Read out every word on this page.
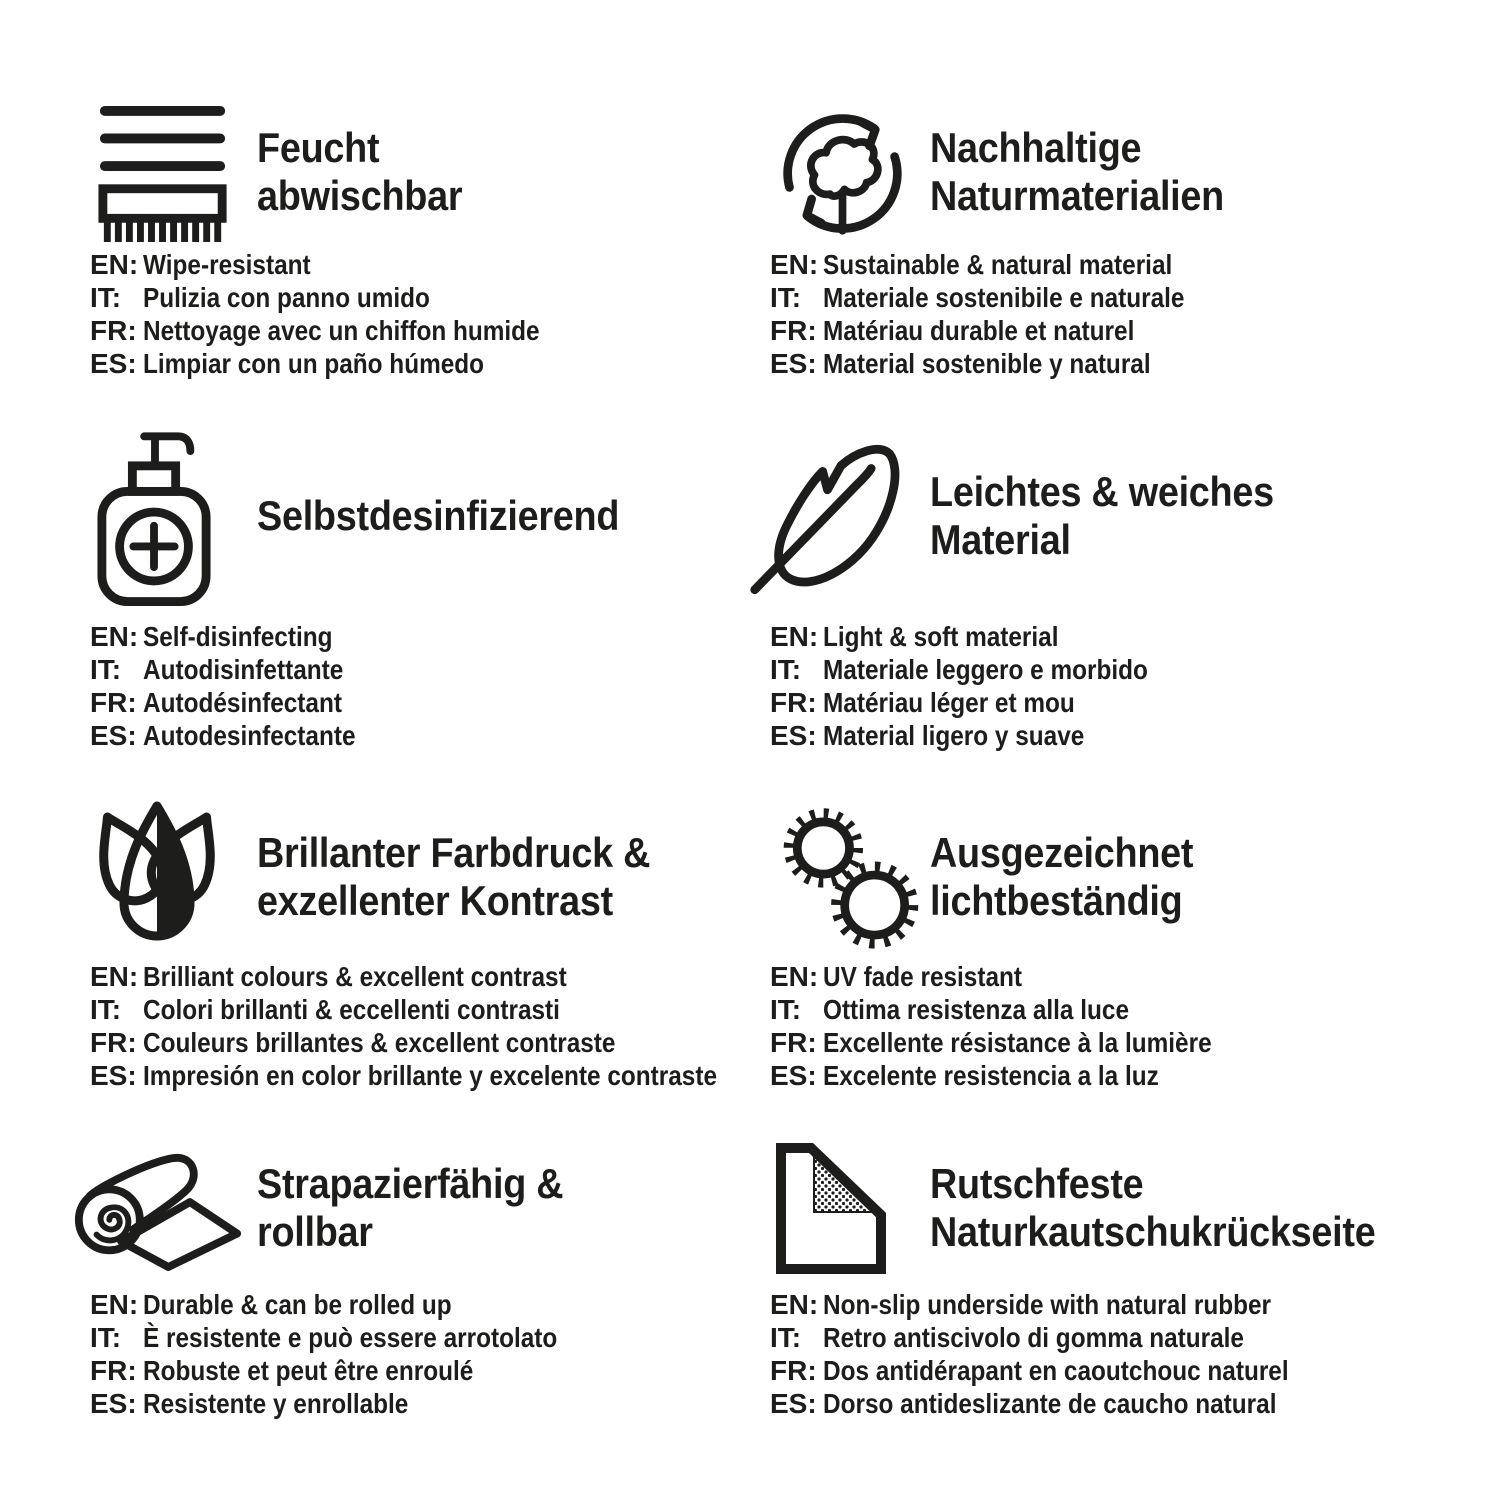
Feucht
abwischbar
EN: Wipe-resistant
IT: Pulizia con panno umido
FR: Nettoyage avec un chiffon humide
ES: Limpiar con un paño húmedo
Nachhaltige
Naturmaterialien
EN: Sustainable & natural material
IT: Materiale sostenibile e naturale
FR: Matériau durable et naturel
ES: Material sostenible y natural
Selbstdesinfizierend
EN: Self-disinfecting
IT: Autodisinfettante
FR: Autodésinfectant
ES: Autodesinfectante
Leichtes & weiches
Material
EN: Light & soft material
IT: Materiale leggero e morbido
FR: Matériau léger et mou
ES: Material ligero y suave
Brillanter Farbdruck &
exzellenter Kontrast
EN: Brilliant colours & excellent contrast
IT: Colori brillanti & eccellenti contrasti
FR: Couleurs brillantes & excellent contraste
ES: Impresión en color brillante y excelente contraste
Ausgezeichnet
lichtbeständig
EN: UV fade resistant
IT: Ottima resistenza alla luce
FR: Excellente résistance à la lumière
ES: Excelente resistencia a la luz
Strapazierfähig &
rollbar
EN: Durable & can be rolled up
IT: È resistente e può essere arrotolato
FR: Robuste et peut être enroulé
ES: Resistente y enrollable
Rutschfeste
Naturkautschukrückseite
EN: Non-slip underside with natural rubber
IT: Retro antiscivolo di gomma naturale
FR: Dos antidérapant en caoutchouc naturel
ES: Dorso antideslizante de caucho natural
